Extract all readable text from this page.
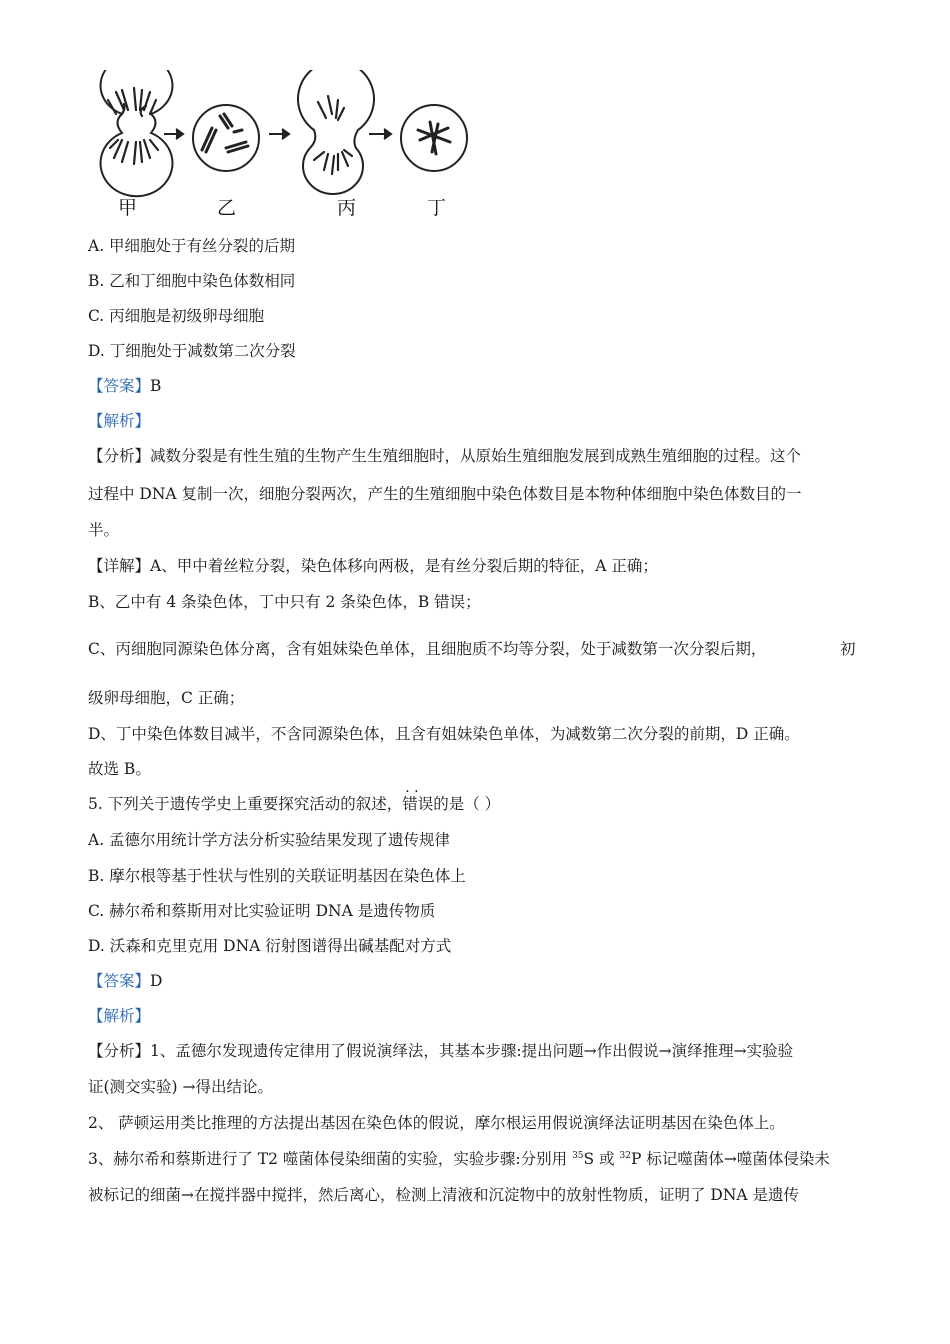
甲	乙	丙	丁
A. 甲细胞处于有丝分裂的后期
B. 乙和丁细胞中染色体数相同
C. 丙细胞是初级卵母细胞
D. 丁细胞处于减数第二次分裂
【答案】B
【解析】
【分析】减数分裂是有性生殖的生物产生生殖细胞时，从原始生殖细胞发展到成熟生殖细胞的过程。这个
过程中 DNA 复制一次，细胞分裂两次，产生的生殖细胞中染色体数目是本物种体细胞中染色体数目的一
半。
【详解】A、甲中着丝粒分裂，染色体移向两极，是有丝分裂后期的特征，A 正确；
B、乙中有 4 条染色体，丁中只有 2 条染色体，B 错误；
C、丙细胞同源染色体分离，含有姐妹染色单体，且细胞质不均等分裂，处于减数第一次分裂后期，	初
级卵母细胞，C 正确；
D、丁中染色体数目减半，不含同源染色体，且含有姐妹染色单体，为减数第二次分裂的前期，D 正确。
故选 B。
5. 下列关于遗传学史上重要探究活动的叙述，· · 错误的是（ ）
A. 孟德尔用统计学方法分析实验结果发现了遗传规律
B. 摩尔根等基于性状与性别的关联证明基因在染色体上
C. 赫尔希和蔡斯用对比实验证明 DNA 是遗传物质
D. 沃森和克里克用 DNA 衍射图谱得出碱基配对方式
【答案】D
【解析】
【分析】1、孟德尔发现遗传定律用了假说演绎法，其基本步骤:提出问题→作出假说→演绎推理→实验验
证(测交实验) →得出结论。
2、 萨顿运用类比推理的方法提出基因在染色体的假说，摩尔根运用假说演绎法证明基因在染色体上。
3、赫尔希和蔡斯进行了 T2 噬菌体侵染细菌的实验，实验步骤:分别用 $^{35}$S 或 $^{32}$P 标记噬菌体→噬菌体侵染未
被标记的细菌→在搅拌器中搅拌，然后离心，检测上清液和沉淀物中的放射性物质，证明了 DNA 是遗传
